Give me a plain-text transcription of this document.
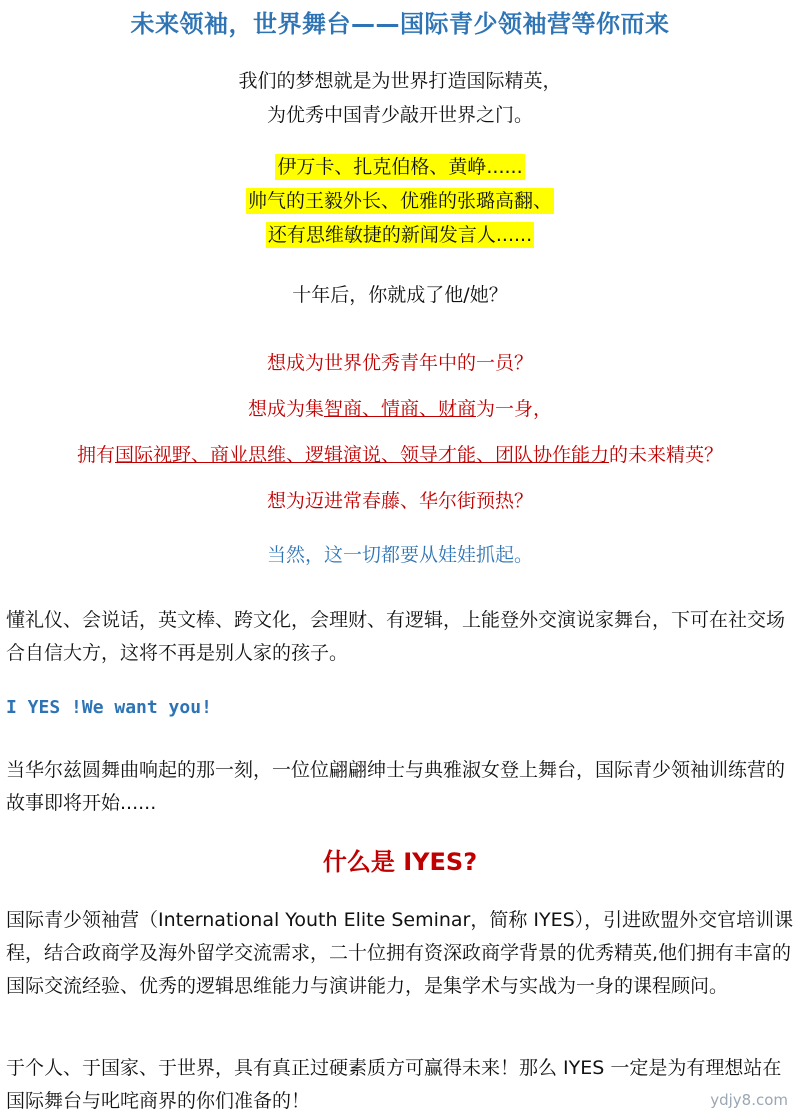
未来领袖，世界舞台——国际青少领袖营等你而来
我们的梦想就是为世界打造国际精英，
为优秀中国青少敲开世界之门。
伊万卡、扎克伯格、黄峥......
帅气的王毅外长、优雅的张璐高翻、
还有思维敏捷的新闻发言人......
十年后，你就成了他/她？
想成为世界优秀青年中的一员？
想成为集智商、情商、财商为一身，
拥有国际视野、商业思维、逻辑演说、领导才能、团队协作能力的未来精英？
想为迈进常春藤、华尔街预热？
当然，这一切都要从娃娃抓起。
懂礼仪、会说话，英文棒、跨文化，会理财、有逻辑，上能登外交演说家舞台，下可在社交场合自信大方，这将不再是别人家的孩子。
I YES !We want you!
当华尔兹圆舞曲响起的那一刻，一位位翩翩绅士与典雅淑女登上舞台，国际青少领袖训练营的故事即将开始......
什么是 IYES?
国际青少领袖营（International Youth Elite Seminar，简称 IYES），引进欧盟外交官培训课程，结合政商学及海外留学交流需求，二十位拥有资深政商学背景的优秀精英,他们拥有丰富的国际交流经验、优秀的逻辑思维能力与演讲能力，是集学术与实战为一身的课程顾问。
于个人、于国家、于世界，具有真正过硬素质方可赢得未来！那么 IYES 一定是为有理想站在国际舞台与叱咤商界的你们准备的！	ydjy8.com
